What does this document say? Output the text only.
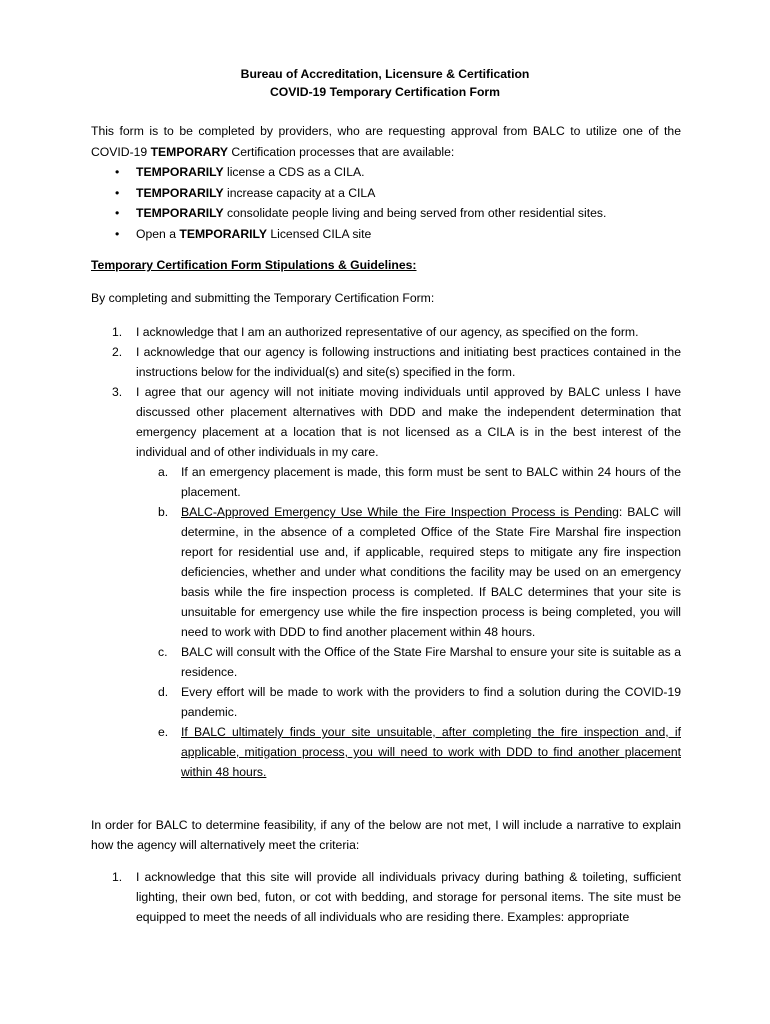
Bureau of Accreditation, Licensure & Certification
COVID-19 Temporary Certification Form
This form is to be completed by providers, who are requesting approval from BALC to utilize one of the COVID-19 TEMPORARY Certification processes that are available:
• TEMPORARILY license a CDS as a CILA.
• TEMPORARILY increase capacity at a CILA
• TEMPORARILY consolidate people living and being served from other residential sites.
• Open a TEMPORARILY Licensed CILA site
Temporary Certification Form Stipulations & Guidelines:
By completing and submitting the Temporary Certification Form:
1. I acknowledge that I am an authorized representative of our agency, as specified on the form.
2. I acknowledge that our agency is following instructions and initiating best practices contained in the instructions below for the individual(s) and site(s) specified in the form.
3. I agree that our agency will not initiate moving individuals until approved by BALC unless I have discussed other placement alternatives with DDD and make the independent determination that emergency placement at a location that is not licensed as a CILA is in the best interest of the individual and of other individuals in my care.
a. If an emergency placement is made, this form must be sent to BALC within 24 hours of the placement.
b. BALC-Approved Emergency Use While the Fire Inspection Process is Pending: BALC will determine, in the absence of a completed Office of the State Fire Marshal fire inspection report for residential use and, if applicable, required steps to mitigate any fire inspection deficiencies, whether and under what conditions the facility may be used on an emergency basis while the fire inspection process is completed. If BALC determines that your site is unsuitable for emergency use while the fire inspection process is being completed, you will need to work with DDD to find another placement within 48 hours.
c. BALC will consult with the Office of the State Fire Marshal to ensure your site is suitable as a residence.
d. Every effort will be made to work with the providers to find a solution during the COVID-19 pandemic.
e. If BALC ultimately finds your site unsuitable, after completing the fire inspection and, if applicable, mitigation process, you will need to work with DDD to find another placement within 48 hours.
In order for BALC to determine feasibility, if any of the below are not met, I will include a narrative to explain how the agency will alternatively meet the criteria:
1. I acknowledge that this site will provide all individuals privacy during bathing & toileting, sufficient lighting, their own bed, futon, or cot with bedding, and storage for personal items. The site must be equipped to meet the needs of all individuals who are residing there. Examples: appropriate
